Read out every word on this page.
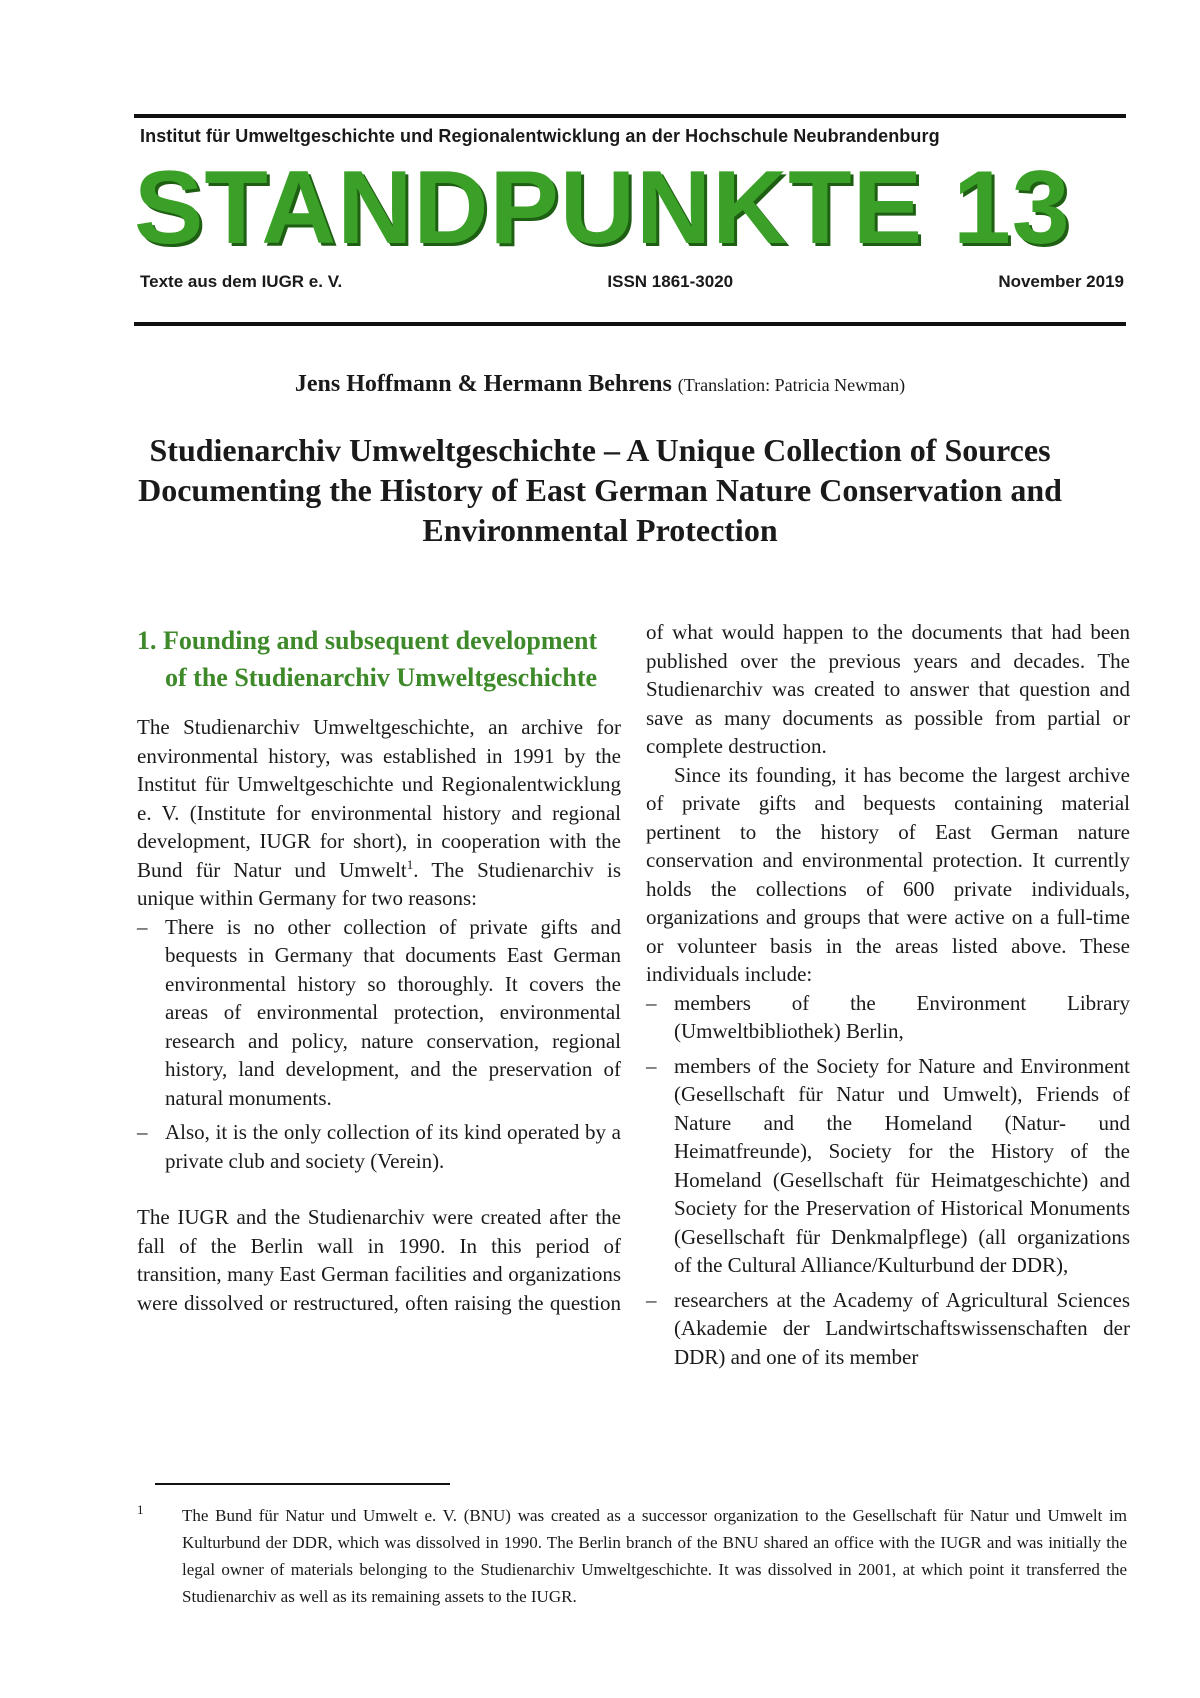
Institut für Umweltgeschichte und Regionalentwicklung an der Hochschule Neubrandenburg
STANDPUNKTE 13
Texte aus dem IUGR e. V.	ISSN 1861-3020	November 2019
Jens Hoffmann & Hermann Behrens (Translation: Patricia Newman)
Studienarchiv Umweltgeschichte – A Unique Collection of Sources Documenting the History of East German Nature Conservation and Environmental Protection
1. Founding and subsequent development of the Studienarchiv Umweltgeschichte

The Studienarchiv Umweltgeschichte, an archive for environmental history, was established in 1991 by the Institut für Umweltgeschichte und Regionalentwicklung e. V. (Institute for environmental history and regional development, IUGR for short), in cooperation with the Bund für Natur und Umwelt$^1$. The Studienarchiv is unique within Germany for two reasons:

– There is no other collection of private gifts and bequests in Germany that documents East German environmental history so thoroughly. It covers the areas of environmental protection, environmental research and policy, nature conservation, regional history, land development, and the preservation of natural monuments.
– Also, it is the only collection of its kind operated by a private club and society (Verein).

The IUGR and the Studienarchiv were created after the fall of the Berlin wall in 1990. In this period of transition, many East German facilities and organizations were dissolved or restructured, often raising the question

of what would happen to the documents that had been published over the previous years and decades. The Studienarchiv was created to answer that question and save as many documents as possible from partial or complete destruction.

Since its founding, it has become the largest archive of private gifts and bequests containing material pertinent to the history of East German nature conservation and environmental protection. It currently holds the collections of 600 private individuals, organizations and groups that were active on a full-time or volunteer basis in the areas listed above. These individuals include:

– members of the Environment Library (Umweltbibliothek) Berlin,
– members of the Society for Nature and Environment (Gesellschaft für Natur und Umwelt), Friends of Nature and the Homeland (Natur- und Heimatfreunde), Society for the History of the Homeland (Gesellschaft für Heimatgeschichte) and Society for the Preservation of Historical Monuments (Gesellschaft für Denkmalpflege) (all organizations of the Cultural Alliance/Kulturbund der DDR),
– researchers at the Academy of Agricultural Sciences (Akademie der Landwirtschaftswissenschaften der DDR) and one of its member
1 The Bund für Natur und Umwelt e. V. (BNU) was created as a successor organization to the Gesellschaft für Natur und Umwelt im Kulturbund der DDR, which was dissolved in 1990. The Berlin branch of the BNU shared an office with the IUGR and was initially the legal owner of materials belonging to the Studienarchiv Umweltgeschichte. It was dissolved in 2001, at which point it transferred the Studienarchiv as well as its remaining assets to the IUGR.
